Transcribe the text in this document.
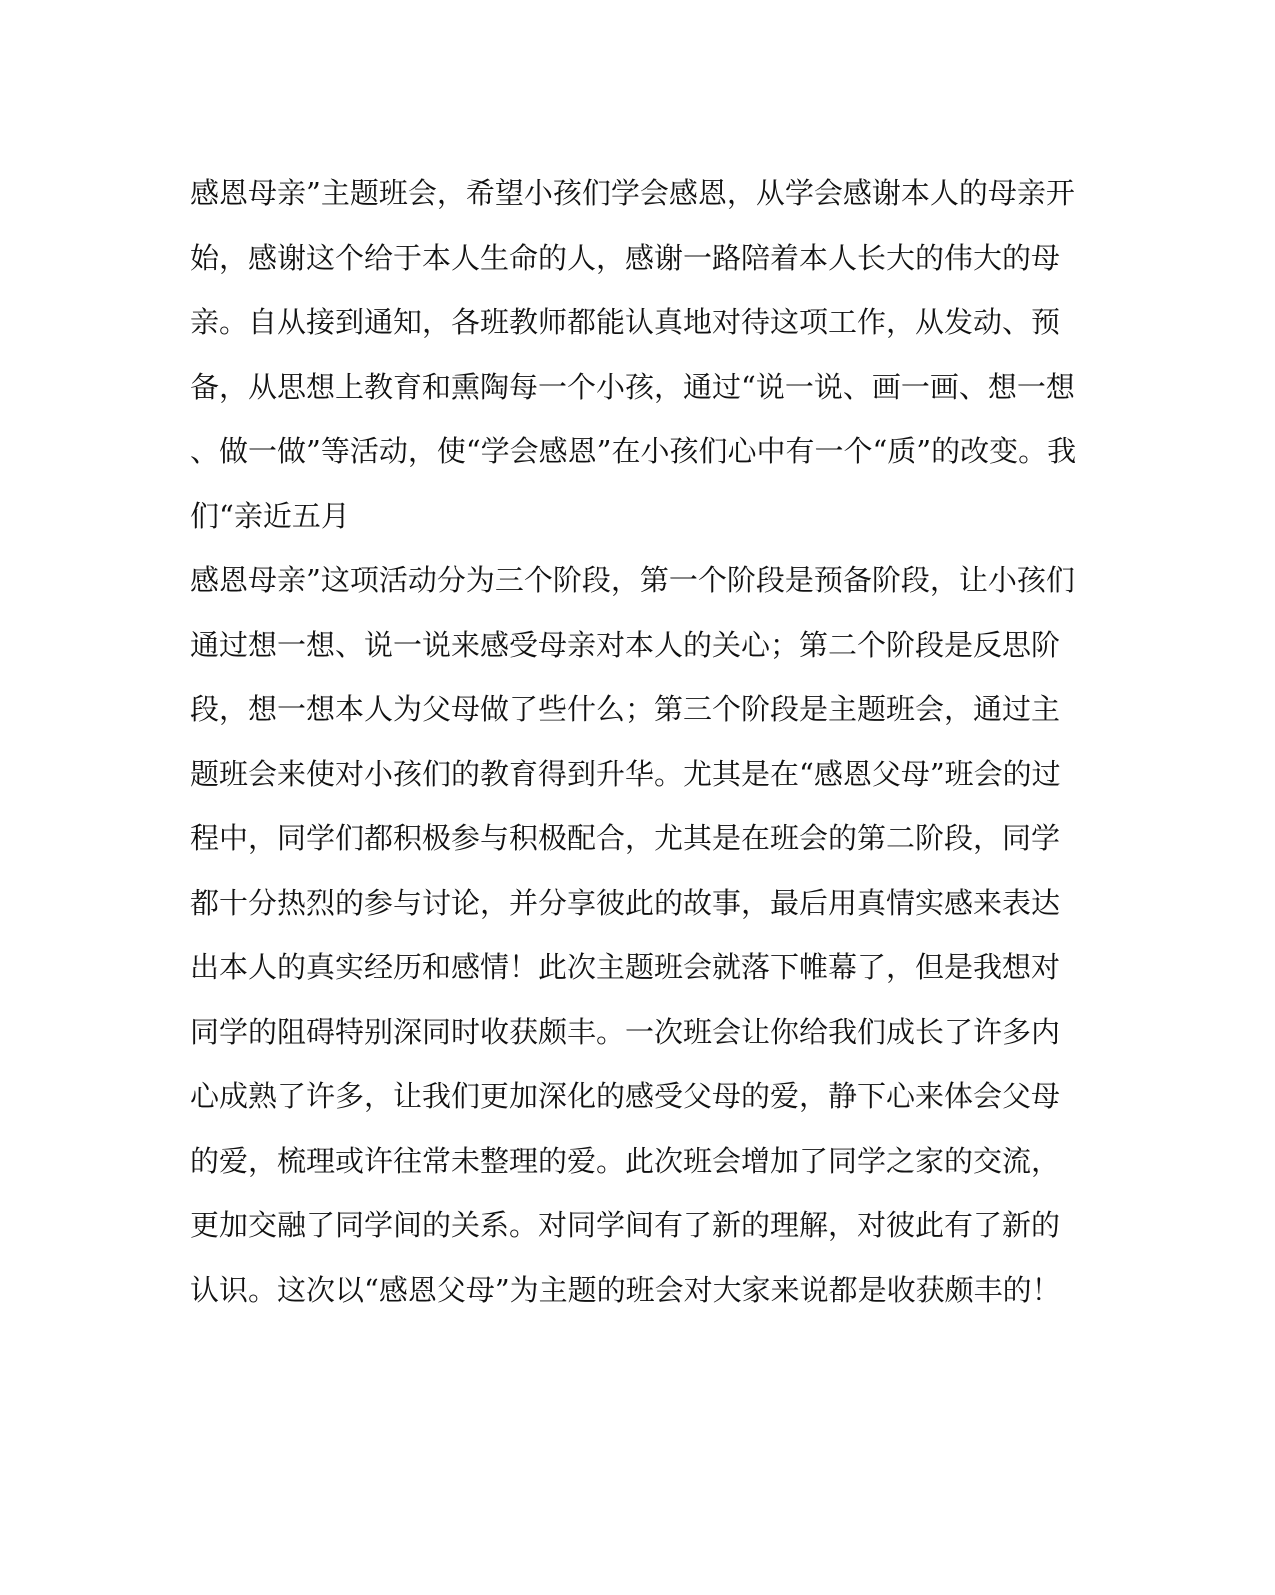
感恩母亲”主题班会，希望小孩们学会感恩，从学会感谢本人的母亲开
始，感谢这个给于本人生命的人，感谢一路陪着本人长大的伟大的母
亲。自从接到通知，各班教师都能认真地对待这项工作，从发动、预
备，从思想上教育和熏陶每一个小孩，通过“说一说、画一画、想一想
、做一做”等活动，使“学会感恩”在小孩们心中有一个“质”的改变。我
们“亲近五月
感恩母亲”这项活动分为三个阶段，第一个阶段是预备阶段，让小孩们
通过想一想、说一说来感受母亲对本人的关心；第二个阶段是反思阶
段，想一想本人为父母做了些什么；第三个阶段是主题班会，通过主
题班会来使对小孩们的教育得到升华。尤其是在“感恩父母”班会的过
程中，同学们都积极参与积极配合，尤其是在班会的第二阶段，同学
都十分热烈的参与讨论，并分享彼此的故事，最后用真情实感来表达
出本人的真实经历和感情！此次主题班会就落下帷幕了，但是我想对
同学的阻碍特别深同时收获颇丰。一次班会让你给我们成长了许多内
心成熟了许多，让我们更加深化的感受父母的爱，静下心来体会父母
的爱，梳理或许往常未整理的爱。此次班会增加了同学之家的交流，
更加交融了同学间的关系。对同学间有了新的理解，对彼此有了新的
认识。这次以“感恩父母”为主题的班会对大家来说都是收获颇丰的！
